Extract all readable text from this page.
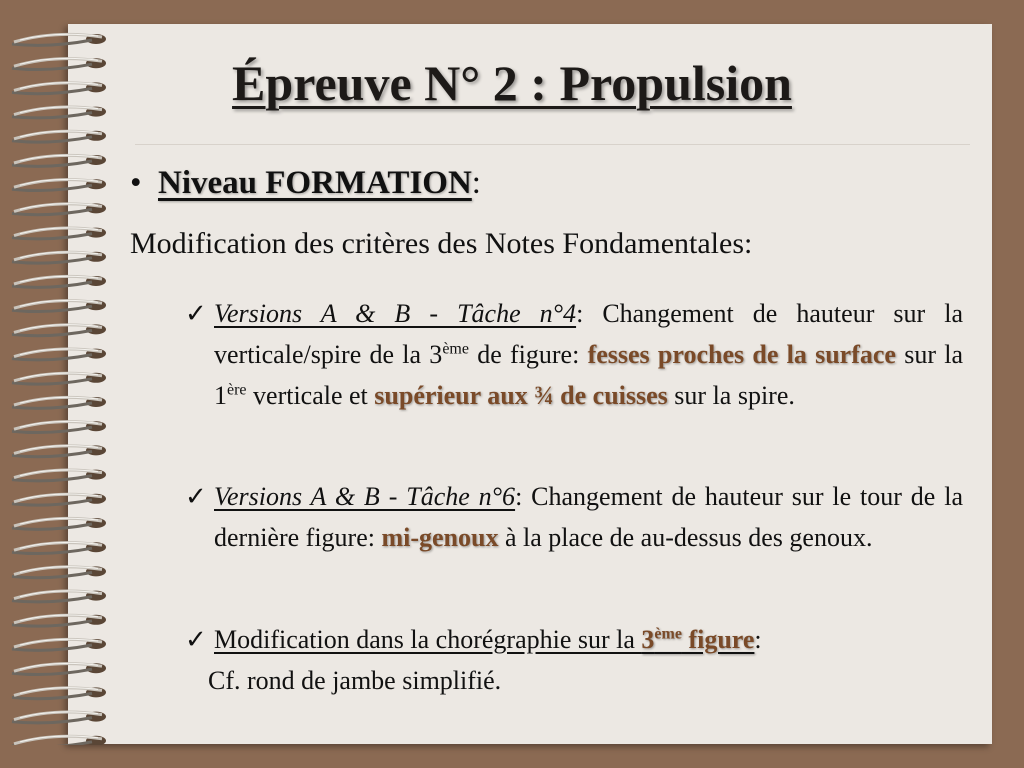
Épreuve N° 2 : Propulsion
• Niveau FORMATION:
Modification des critères des Notes Fondamentales:
✓ Versions A & B - Tâche n°4: Changement de hauteur sur la verticale/spire de la 3ème de figure: fesses proches de la surface sur la 1ère verticale et supérieur aux ¾ de cuisses sur la spire.
✓ Versions A & B - Tâche n°6: Changement de hauteur sur le tour de la dernière figure: mi-genoux à la place de au-dessus des genoux.
✓ Modification dans la chorégraphie sur la 3ème figure:
Cf. rond de jambe simplifié.
